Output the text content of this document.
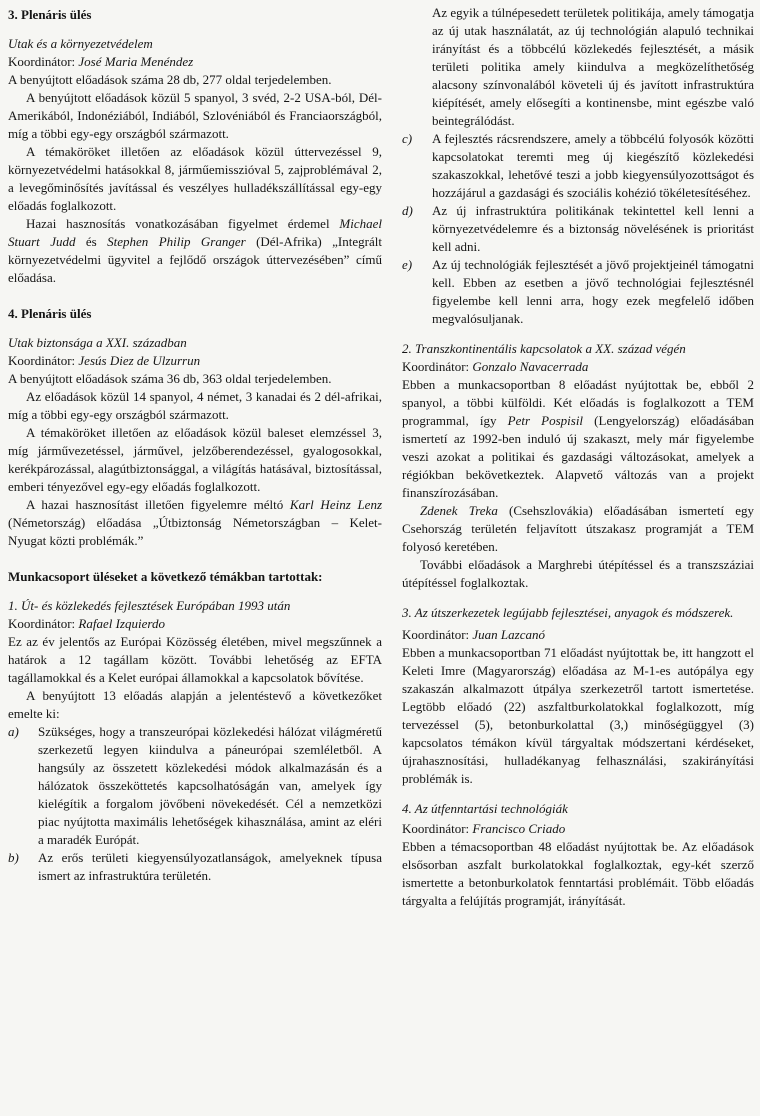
3. Plenáris ülés

Utak és a környezetvédelem

Koordinátor: José Maria Menéndez

A benyújtott előadások száma 28 db, 277 oldal terjedelemben.

A benyújtott előadások közül 5 spanyol, 3 svéd, 2-2 USA-ból, Dél-Amerikából, Indonéziából, Indiából, Szlovéniából és Franciaországból, míg a többi egy-egy országból származott.

A témaköröket illetően az előadások közül úttervezéssel 9, környezetvédelmi hatásokkal 8, járműemisszióval 5, zajproblémával 2, a levegőminősítés javítással és veszélyes hulladékszállítással egy-egy előadás foglalkozott.

Hazai hasznosítás vonatkozásában figyelmet érdemel Michael Stuart Judd és Stephen Philip Granger (Dél-Afrika) „Integrált környezetvédelmi ügyvitel a fejlődő országok úttervezésében” című előadása.

4. Plenáris ülés

Utak biztonsága a XXI. században

Koordinátor: Jesús Diez de Ulzurrun

A benyújtott előadások száma 36 db, 363 oldal terjedelemben.

Az előadások közül 14 spanyol, 4 német, 3 kanadai és 2 dél-afrikai, míg a többi egy-egy országból származott.

A témaköröket illetően az előadások közül baleset elemzéssel 3, míg járművezetéssel, járművel, jelzőberendezéssel, gyalogosokkal, kerékpározással, alagútbiztonsággal, a világítás hatásával, biztosítással, emberi tényezővel egy-egy előadás foglalkozott.

A hazai hasznosítást illetően figyelemre méltó Karl Heinz Lenz (Németország) előadása „Útbiztonság Németországban – Kelet- Nyugat közti problémák.”

Munkacsoport üléseket a következő témákban tartottak:

1. Út- és közlekedés fejlesztések Európában 1993 után

Koordinátor: Rafael Izquierdo

Ez az év jelentős az Európai Közösség életében, mivel megszűnnek a határok a 12 tagállam között. További lehetőség az EFTA tagállamokkal és a Kelet európai államokkal a kapcsolatok bővítése.

A benyújtott 13 előadás alapján a jelentéstevő a következőket emelte ki:

a)	Szükséges, hogy a transzeurópai közlekedési hálózat világméretű szerkezetű legyen kiindulva a páneurópai szemléletből. A hangsúly az összetett közlekedési módok alkalmazásán és a hálózatok összeköttetés kapcsolhatóságán van, amelyek így kielégítik a forgalom jövőbeni növekedését. Cél a nemzetközi piac nyújtotta maximális lehetőségek kihasználása, amint az eléri a maradék Európát.
b)	Az erős területi kiegyensúlyozatlanságok, amelyeknek típusa ismert az infrastruktúra területén.
Az egyik a túlnépesedett területek politikája, amely támogatja az új utak használatát, az új technológián alapuló technikai irányítást és a többcélú közlekedés fejlesztését, a másik területi politika amely kiindulva a megközelíthetőség alacsony színvonalából követeli új és javított infrastruktúra kiépítését, amely elősegíti a kontinensbe, mint egészbe való beintegrálódást.
c)	A fejlesztés rácsrendszere, amely a többcélú folyosók közötti kapcsolatokat teremti meg új kiegészítő közlekedési szakaszokkal, lehetővé teszi a jobb kiegyensúlyozottságot és hozzájárul a gazdasági és szociális kohézió tökéletesítéséhez.
d)	Az új infrastruktúra politikának tekintettel kell lenni a környezetvédelemre és a biztonság növelésének is prioritást kell adni.
e)	Az új technológiák fejlesztését a jövő projektjeinél támogatni kell. Ebben az esetben a jövő technológiai fejlesztésnél figyelembe kell lenni arra, hogy ezek megfelelő időben megvalósuljanak.

2. Transzkontinentális kapcsolatok a XX. század végén

Koordinátor: Gonzalo Navacerrada

Ebben a munkacsoportban 8 előadást nyújtottak be, ebből 2 spanyol, a többi külföldi. Két előadás is foglalkozott a TEM programmal, így Petr Pospisil (Lengyelország) előadásában ismertetí az 1992-ben induló új szakaszt, mely már figyelembe veszi azokat a politikai és gazdasági változásokat, amelyek a régiókban bekövetkeztek. Alapvető változás van a projekt finanszírozásában.

Zdenek Treka (Csehszlovákia) előadásában ismertetí egy Csehország területén feljavított útszakasz programját a TEM folyosó keretében.

További előadások a Marghrebi útépítéssel és a transzszáziai útépítéssel foglalkoztak.

3. Az útszerkezetek legújabb fejlesztései, anyagok és módszerek.

Koordinátor: Juan Lazcanó

Ebben a munkacsoportban 71 előadást nyújtottak be, itt hangzott el Keleti Imre (Magyarország) előadása az M-1-es autópálya egy szakaszán alkalmazott útpálya szerkezetről tartott ismertetése. Legtöbb előadó (22) aszfaltburkolatokkal foglalkozott, míg tervezéssel (5), betonburkolattal (3,) minőségüggyel (3) kapcsolatos témákon kívül tárgyaltak módszertani kérdéseket, újrahasznosítási, hulladékanyag felhasználási, szakirányítási problémák is.

4. Az útfenntartási technológiák

Koordinátor: Francisco Criado

Ebben a témacsoportban 48 előadást nyújtottak be. Az előadások elsősorban aszfalt burkolatokkal foglalkoztak, egy-két szerző ismertette a betonburkolatok fenntartási problémáit. Több előadás tárgyalta a felújítás programját, irányítását.
